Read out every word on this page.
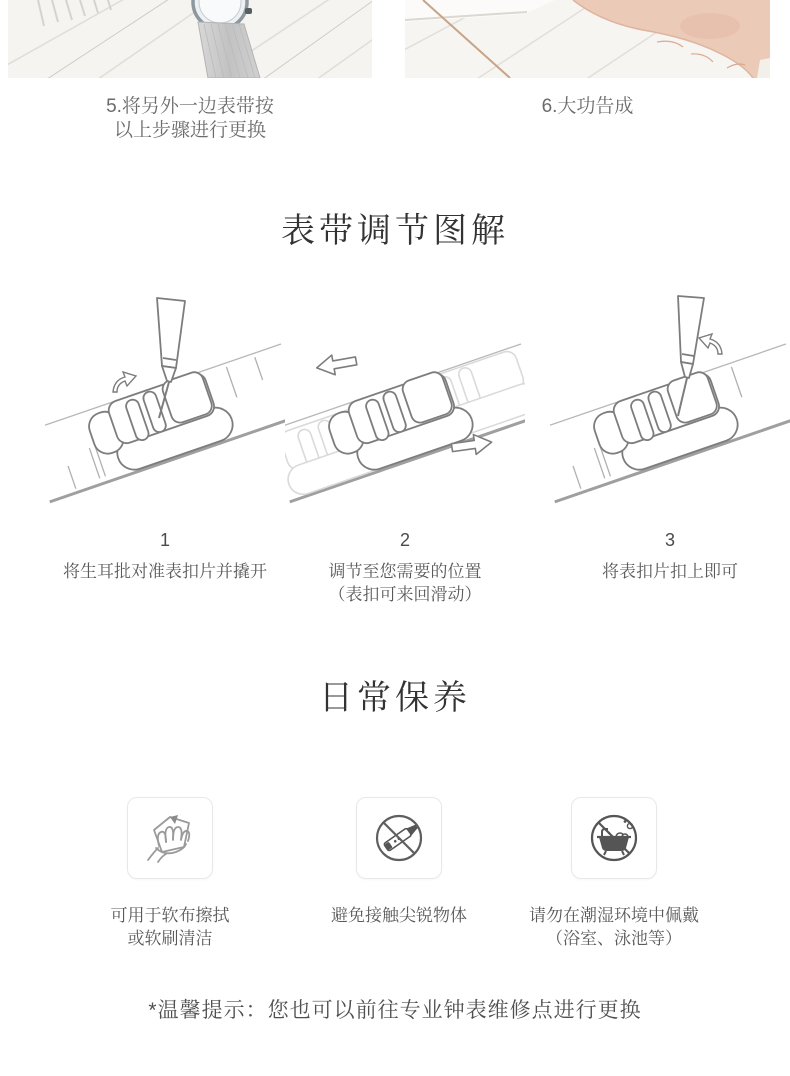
5.将另外一边表带按
以上步骤进行更换
6.大功告成
表带调节图解
1
将生耳批对准表扣片并撬开
2
调节至您需要的位置
（表扣可来回滑动）
3
将表扣片扣上即可
日常保养
可用于软布擦拭
或软刷清洁
避免接触尖锐物体	请勿在潮湿环境中佩戴
（浴室、泳池等）
*温馨提示：您也可以前往专业钟表维修点进行更换
